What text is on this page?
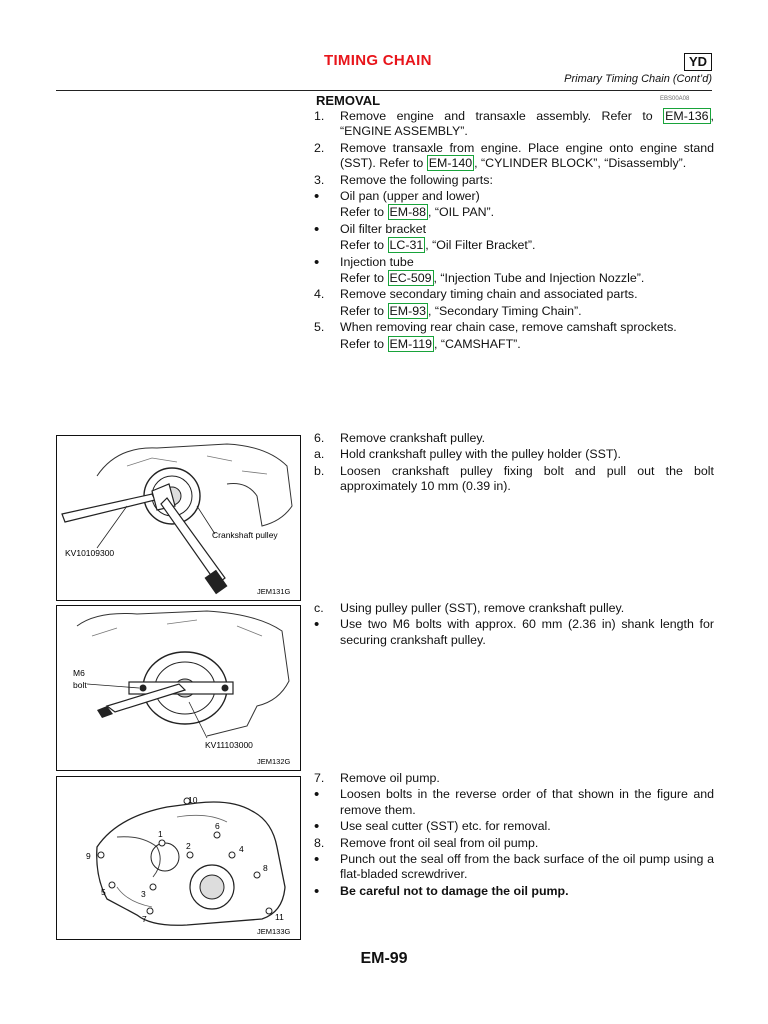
TIMING CHAIN	YD
Primary Timing Chain (Cont’d)
REMOVAL	EBS00A08
1.	Remove engine and transaxle assembly. Refer to EM-136 , “ENGINE ASSEMBLY”.
2.	Remove transaxle from engine. Place engine onto engine stand (SST). Refer to EM-140 , “CYLINDER BLOCK”, “Disassembly”.
3.	Remove the following parts:
•	Oil pan (upper and lower)
Refer to EM-88 , “OIL PAN”.
•	Oil filter bracket
Refer to LC-31 , “Oil Filter Bracket”.
•	Injection tube
Refer to EC-509 , “Injection Tube and Injection Nozzle”.
4.	Remove secondary timing chain and associated parts.
Refer to EM-93 , “Secondary Timing Chain”.
5.	When removing rear chain case, remove camshaft sprockets.
Refer to EM-119 , “CAMSHAFT”.
Crankshaft pulley
KV10109300
JEM131G
6.	Remove crankshaft pulley.
a.	Hold crankshaft pulley with the pulley holder (SST).
b.	Loosen crankshaft pulley fixing bolt and pull out the bolt approximately 10 mm (0.39 in).
M6
bolt
KV11103000
JEM132G
c.	Using pulley puller (SST), remove crankshaft pulley.
•	Use two M6 bolts with approx. 60 mm (2.36 in) shank length for securing crankshaft pulley.
1
2
3
4
5
6
7
8
9
10
11
JEM133G
7.	Remove oil pump.
•	Loosen bolts in the reverse order of that shown in the figure and remove them.
•	Use seal cutter (SST) etc. for removal.
8.	Remove front oil seal from oil pump.
•	Punch out the seal off from the back surface of the oil pump using a flat-bladed screwdriver.
•	Be careful not to damage the oil pump.
EM-99
